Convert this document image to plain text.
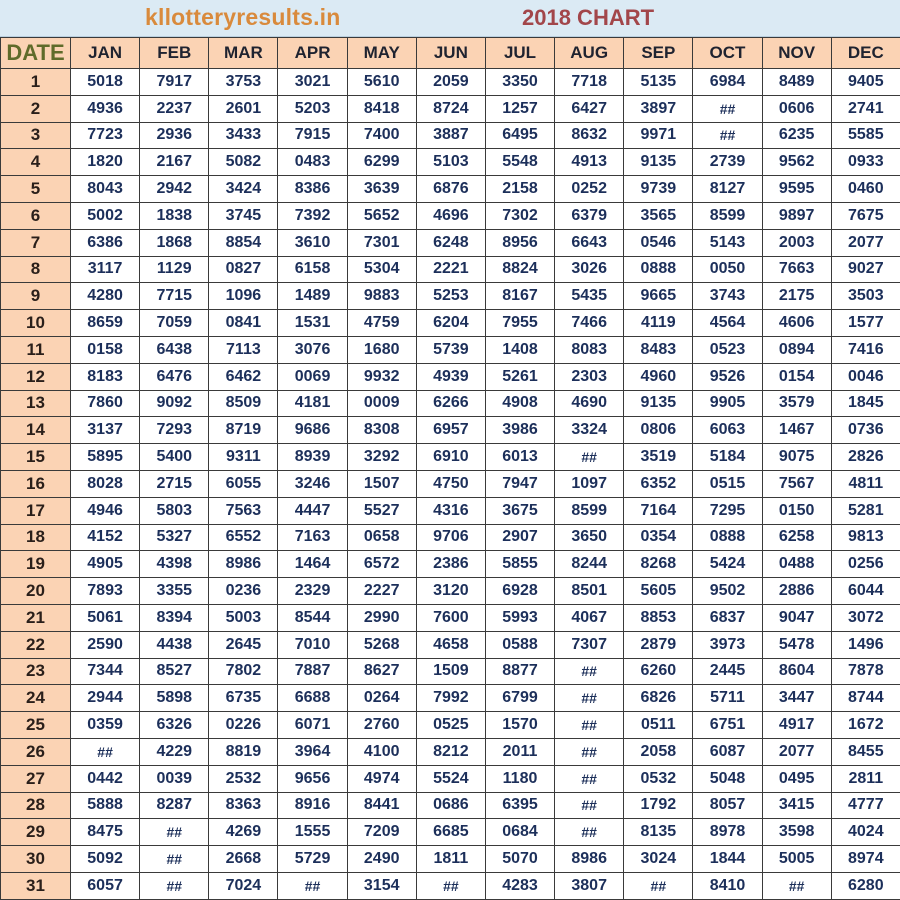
kllotteryresults.in	2018 CHART
DATE	JAN	FEB	MAR	APR	MAY	JUN	JUL	AUG	SEP	OCT	NOV	DEC
1	5018	7917	3753	3021	5610	2059	3350	7718	5135	6984	8489	9405
2	4936	2237	2601	5203	8418	8724	1257	6427	3897	##	0606	2741
3	7723	2936	3433	7915	7400	3887	6495	8632	9971	##	6235	5585
4	1820	2167	5082	0483	6299	5103	5548	4913	9135	2739	9562	0933
5	8043	2942	3424	8386	3639	6876	2158	0252	9739	8127	9595	0460
6	5002	1838	3745	7392	5652	4696	7302	6379	3565	8599	9897	7675
7	6386	1868	8854	3610	7301	6248	8956	6643	0546	5143	2003	2077
8	3117	1129	0827	6158	5304	2221	8824	3026	0888	0050	7663	9027
9	4280	7715	1096	1489	9883	5253	8167	5435	9665	3743	2175	3503
10	8659	7059	0841	1531	4759	6204	7955	7466	4119	4564	4606	1577
11	0158	6438	7113	3076	1680	5739	1408	8083	8483	0523	0894	7416
12	8183	6476	6462	0069	9932	4939	5261	2303	4960	9526	0154	0046
13	7860	9092	8509	4181	0009	6266	4908	4690	9135	9905	3579	1845
14	3137	7293	8719	9686	8308	6957	3986	3324	0806	6063	1467	0736
15	5895	5400	9311	8939	3292	6910	6013	##	3519	5184	9075	2826
16	8028	2715	6055	3246	1507	4750	7947	1097	6352	0515	7567	4811
17	4946	5803	7563	4447	5527	4316	3675	8599	7164	7295	0150	5281
18	4152	5327	6552	7163	0658	9706	2907	3650	0354	0888	6258	9813
19	4905	4398	8986	1464	6572	2386	5855	8244	8268	5424	0488	0256
20	7893	3355	0236	2329	2227	3120	6928	8501	5605	9502	2886	6044
21	5061	8394	5003	8544	2990	7600	5993	4067	8853	6837	9047	3072
22	2590	4438	2645	7010	5268	4658	0588	7307	2879	3973	5478	1496
23	7344	8527	7802	7887	8627	1509	8877	##	6260	2445	8604	7878
24	2944	5898	6735	6688	0264	7992	6799	##	6826	5711	3447	8744
25	0359	6326	0226	6071	2760	0525	1570	##	0511	6751	4917	1672
26	##	4229	8819	3964	4100	8212	2011	##	2058	6087	2077	8455
27	0442	0039	2532	9656	4974	5524	1180	##	0532	5048	0495	2811
28	5888	8287	8363	8916	8441	0686	6395	##	1792	8057	3415	4777
29	8475	##	4269	1555	7209	6685	0684	##	8135	8978	3598	4024
30	5092	##	2668	5729	2490	1811	5070	8986	3024	1844	5005	8974
31	6057	##	7024	##	3154	##	4283	3807	##	8410	##	6280
